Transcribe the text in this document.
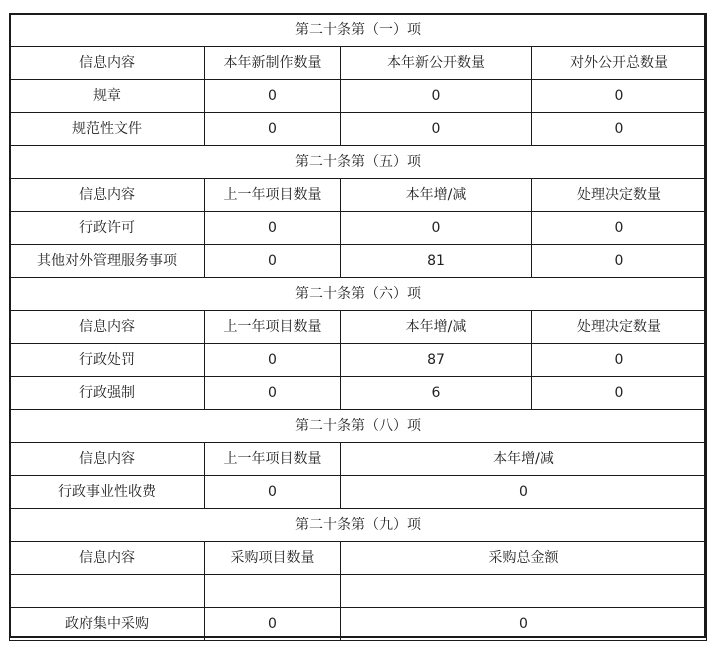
第二十条第（一）项			
信息内容	本年新制作数量	本年新公开数量	对外公开总数量
规章	0	0	0
规范性文件	0	0	0
第二十条第（五）项			
信息内容	上一年项目数量	本年增/减	处理决定数量
行政许可	0	0	0
其他对外管理服务事项	0	81	0
第二十条第（六）项			
信息内容	上一年项目数量	本年增/减	处理决定数量
行政处罚	0	87	0
行政强制	0	6	0
第二十条第（八）项			
信息内容	上一年项目数量	本年增/减	
行政事业性收费	0	0	
第二十条第（九）项			
信息内容	采购项目数量	采购总金额	

政府集中采购	0	0	
